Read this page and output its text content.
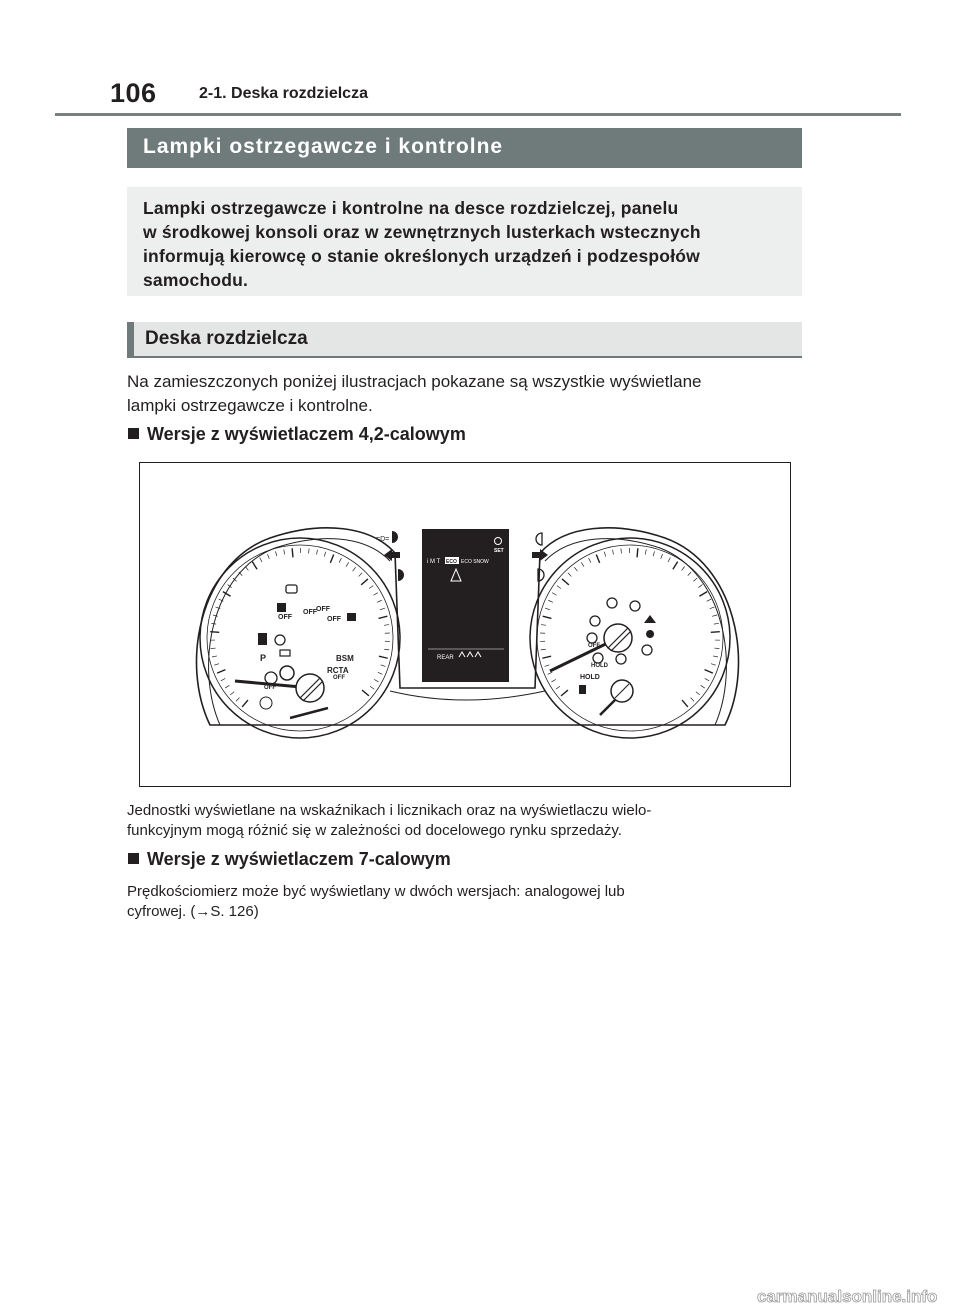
106	2-1. Deska rozdzielcza
Lampki ostrzegawcze i kontrolne
Lampki ostrzegawcze i kontrolne na desce rozdzielczej, panelu
w środkowej konsoli oraz w zewnętrznych lusterkach wstecznych
informują kierowcę o stanie określonych urządzeń i podzespołów
samochodu.
Deska rozdzielcza
Na zamieszczonych poniżej ilustracjach pokazane są wszystkie wyświetlane
lampki ostrzegawcze i kontrolne.
Wersje z wyświetlaczem 4,2-calowym
OFF
OFF
OFF
OFF
BSM
RCTA
OFF
P
OFF
i M T ECO ECO SNOW
SET
REAR
=D=
OFF
HOLD
HOLD
Jednostki wyświetlane na wskaźnikach i licznikach oraz na wyświetlaczu wielo-
funkcyjnym mogą różnić się w zależności od docelowego rynku sprzedaży.
Wersje z wyświetlaczem 7-calowym
Prędkościomierz może być wyświetlany w dwóch wersjach: analogowej lub
cyfrowej. (→S. 126)
carmanualsonline.info
